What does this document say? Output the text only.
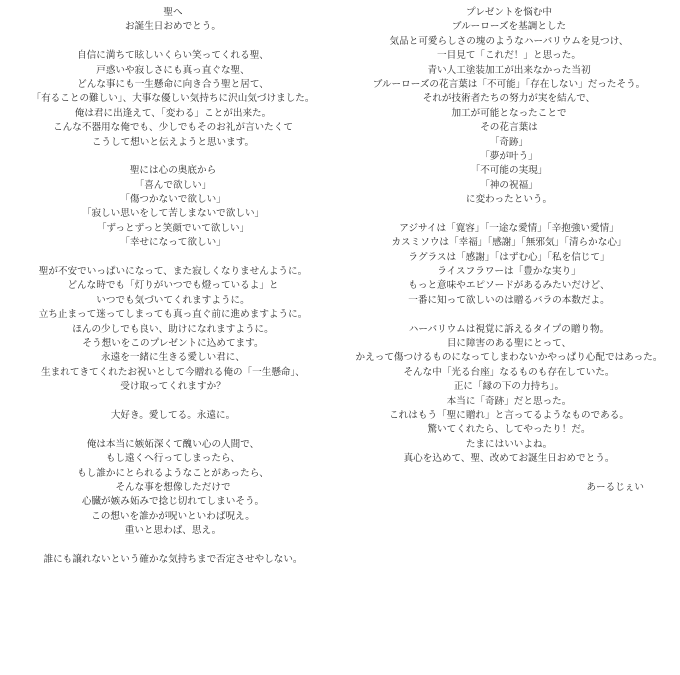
聖へ
お誕生日おめでとう。
自信に満ちて眩しいくらい笑ってくれる聖、
戸惑いや寂しさにも真っ直ぐな聖、
どんな事にも一生懸命に向き合う聖と居て、
「有ることの難しい」、大事な優しい気持ちに沢山気づけました。
俺は君に出逢えて、「変わる」ことが出来た。
こんな不器用な俺でも、少しでもそのお礼が言いたくて
こうして想いと伝えようと思います。
聖には心の奥底から
「喜んで欲しい」
「傷つかないで欲しい」
「寂しい思いをして苦しまないで欲しい」
「ずっとずっと笑顔でいて欲しい」
「幸せになって欲しい」
聖が不安でいっぱいになって、また寂しくなりませんように。
どんな時でも「灯りがいつでも燈っているよ」と
いつでも気づいてくれますように。
立ち止まって迷ってしまっても真っ直ぐ前に進めますように。
ほんの少しでも良い、助けになれますように。
そう想いをこのプレゼントに込めてます。
永遠を一緒に生きる愛しい君に、
生まれてきてくれたお祝いとして今贈れる俺の「一生懸命」、
受け取ってくれますか？
大好き。愛してる。永遠に。
俺は本当に嫉妬深くて醜い心の人間で、
もし遠くへ行ってしまったら、
もし誰かにとられるようなことがあったら、
そんな事を想像しただけで
心臓が嫉み妬みで捻じ切れてしまいそう。
この想いを誰かが呪いといわば呪え。
重いと思わば、思え。
誰にも譲れないという確かな気持ちまで否定させやしない。
プレゼントを悩む中
ブルーローズを基調とした
気品と可愛らしさの塊のようなハーバリウムを見つけ、
一目見て「これだ！」と思った。
青い人工塗装加工が出来なかった当初
ブルーローズの花言葉は「不可能」「存在しない」だったそう。
それが技術者たちの努力が実を結んで、
加工が可能となったことで
その花言葉は
「奇跡」
「夢が叶う」
「不可能の実現」
「神の祝福」
に変わったという。
アジサイは「寛容」「一途な愛情」「辛抱強い愛情」
カスミソウは「幸福」「感謝」「無邪気」「清らかな心」
ラグラスは「感謝」「はずむ心」「私を信じて」
ライスフラワーは「豊かな実り」
もっと意味やエピソードがあるみたいだけど、
一番に知って欲しいのは贈るバラの本数だよ。
ハーバリウムは視覚に訴えるタイプの贈り物。
目に障害のある聖にとって、
かえって傷つけるものになってしまわないかやっぱり心配ではあった。
そんな中「光る台座」なるものも存在していた。
正に「縁の下の力持ち」。
本当に「奇跡」だと思った。
これはもう「聖に贈れ」と言ってるようなものである。
驚いてくれたら、してやったり！だ。
たまにはいいよね。
真心を込めて、聖、改めてお誕生日おめでとう。
あーるじぇい
